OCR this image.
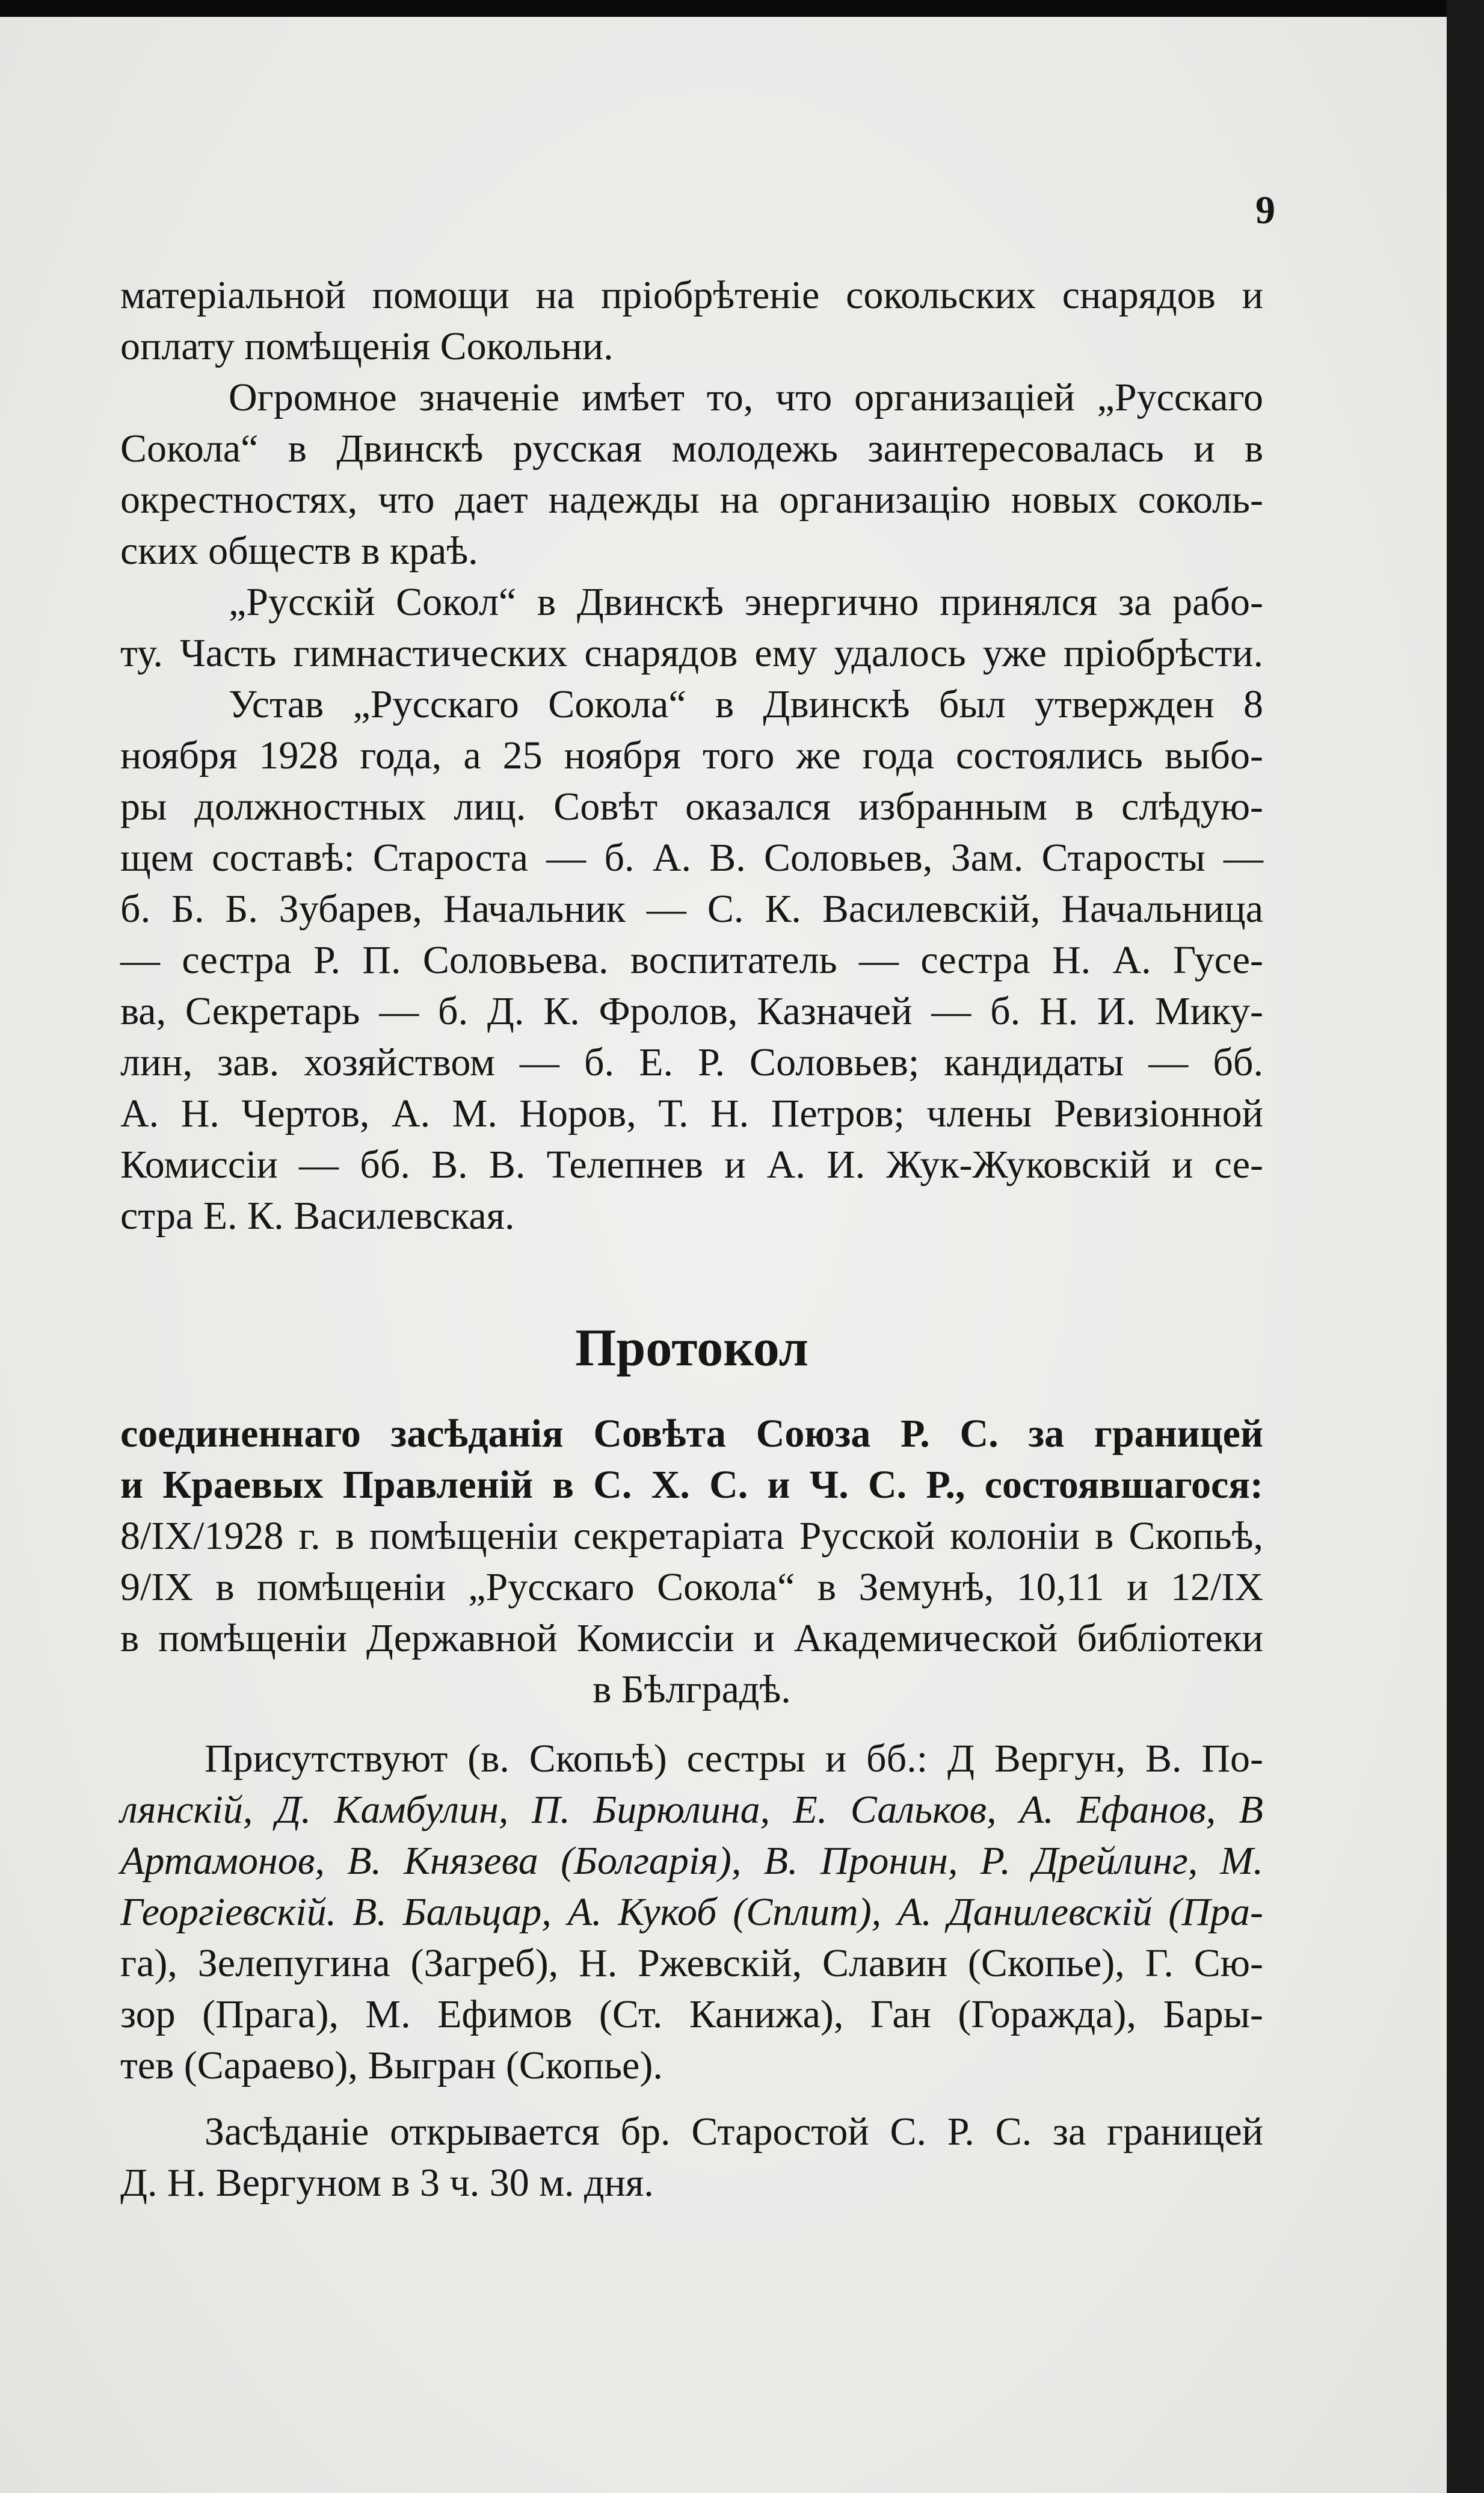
9
матеріальной помощи на пріобрѣтеніе сокольских снарядов и
оплату помѣщенія Сокольни.
Огромное значеніе имѣет то, что организаціей „Русскаго
Сокола“ в Двинскѣ русская молодежь заинтересовалась и в
окрестностях, что дает надежды на организацію новых соколь-
ских обществ в краѣ.
„Русскій Сокол“ в Двинскѣ энергично принялся за рабо-
ту. Часть гимнастических снарядов ему удалось уже пріобрѣсти.
Устав „Русскаго Сокола“ в Двинскѣ был утвержден 8
ноября 1928 года, а 25 ноября того же года состоялись выбо-
ры должностных лиц. Совѣт оказался избранным в слѣдую-
щем составѣ: Староста — б. А. В. Соловьев, Зам. Старосты —
б. Б. Б. Зубарев, Начальник — С. К. Василевскій, Начальница
— сестра Р. П. Соловьева. воспитатель — сестра Н. А. Гусе-
ва, Секретарь — б. Д. К. Фролов, Казначей — б. Н. И. Мику-
лин, зав. хозяйством — б. Е. Р. Соловьев; кандидаты — бб.
А. Н. Чертов, А. М. Норов, Т. Н. Петров; члены Ревизіонной
Комиссіи — бб. В. В. Телепнев и А. И. Жук-Жуковскій и се-
стра Е. К. Василевская.
Протокол
соединеннаго засѣданія Совѣта Союза Р. С. за границей
и Краевых Правленій в С. Х. С. и Ч. С. Р., состоявшагося:
8/IX/1928 г. в помѣщеніи секретаріата Русской колоніи в Скопьѣ,
9/IX в помѣщеніи „Русскаго Сокола“ в Земунѣ, 10,11 и 12/IX
в помѣщеніи Державной Комиссіи и Академической библіотеки
в Бѣлградѣ.
Присутствуют (в. Скопьѣ) сестры и бб.: Д Вергун, В. По-
лянскій, Д. Камбулин, П. Бирюлина, Е. Сальков, А. Ефанов, В
Артамонов, В. Князева (Болгарія), В. Пронин, Р. Дрейлинг, М.
Георгіевскій. В. Бальцар, А. Кукоб (Сплит), А. Данилевскій (Пра-
га), Зелепугина (Загреб), Н. Ржевскій, Славин (Скопье), Г. Сю-
зор (Прага), М. Ефимов (Ст. Канижа), Ган (Горажда), Бары-
тев (Сараево), Выгран (Скопье).
Засѣданіе открывается бр. Старостой С. Р. С. за границей
Д. Н. Вергуном в 3 ч. 30 м. дня.
